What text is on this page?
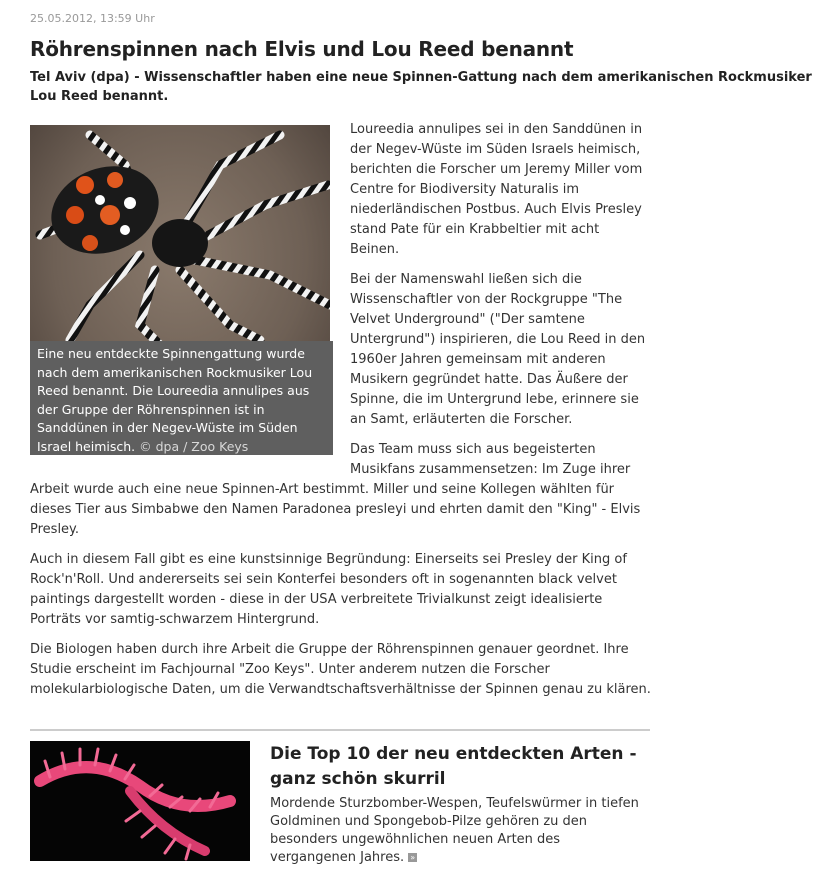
25.05.2012, 13:59 Uhr
Röhrenspinnen nach Elvis und Lou Reed benannt

Tel Aviv (dpa) - Wissenschaftler haben eine neue Spinnen-Gattung nach dem amerikanischen Rockmusiker Lou Reed benannt.

Eine neu entdeckte Spinnengattung wurde nach dem amerikanischen Rockmusiker Lou Reed benannt. Die Loureedia annulipes aus der Gruppe der Röhrenspinnen ist in Sanddünen in der Negev-Wüste im Süden Israel heimisch. © dpa / Zoo Keys

Loureedia annulipes sei in den Sanddünen in der Negev-Wüste im Süden Israels heimisch, berichten die Forscher um Jeremy Miller vom Centre for Biodiversity Naturalis im niederländischen Postbus. Auch Elvis Presley stand Pate für ein Krabbeltier mit acht Beinen.

Bei der Namenswahl ließen sich die Wissenschaftler von der Rockgruppe "The Velvet Underground" ("Der samtene Untergrund") inspirieren, die Lou Reed in den 1960er Jahren gemeinsam mit anderen Musikern gegründet hatte. Das Äußere der Spinne, die im Untergrund lebe, erinnere sie an Samt, erläuterten die Forscher.

Das Team muss sich aus begeisterten Musikfans zusammensetzen: Im Zuge ihrer

Arbeit wurde auch eine neue Spinnen-Art bestimmt. Miller und seine Kollegen wählten für dieses Tier aus Simbabwe den Namen Paradonea presleyi und ehrten damit den "King" - Elvis Presley.

Auch in diesem Fall gibt es eine kunstsinnige Begründung: Einerseits sei Presley der King of Rock'n'Roll. Und andererseits sei sein Konterfei besonders oft in sogenannten black velvet paintings dargestellt worden - diese in der USA verbreitete Trivialkunst zeigt idealisierte Porträts vor samtig-schwarzem Hintergrund.

Die Biologen haben durch ihre Arbeit die Gruppe der Röhrenspinnen genauer geordnet. Ihre Studie erscheint im Fachjournal "Zoo Keys". Unter anderem nutzen die Forscher molekularbiologische Daten, um die Verwandtschaftsverhältnisse der Spinnen genau zu klären.

Die Top 10 der neu entdeckten Arten - ganz schön skurril

Mordende Sturzbomber-Wespen, Teufelswürmer in tiefen Goldminen und Spongebob-Pilze gehören zu den besonders ungewöhnlichen neuen Arten des vergangenen Jahres. »
